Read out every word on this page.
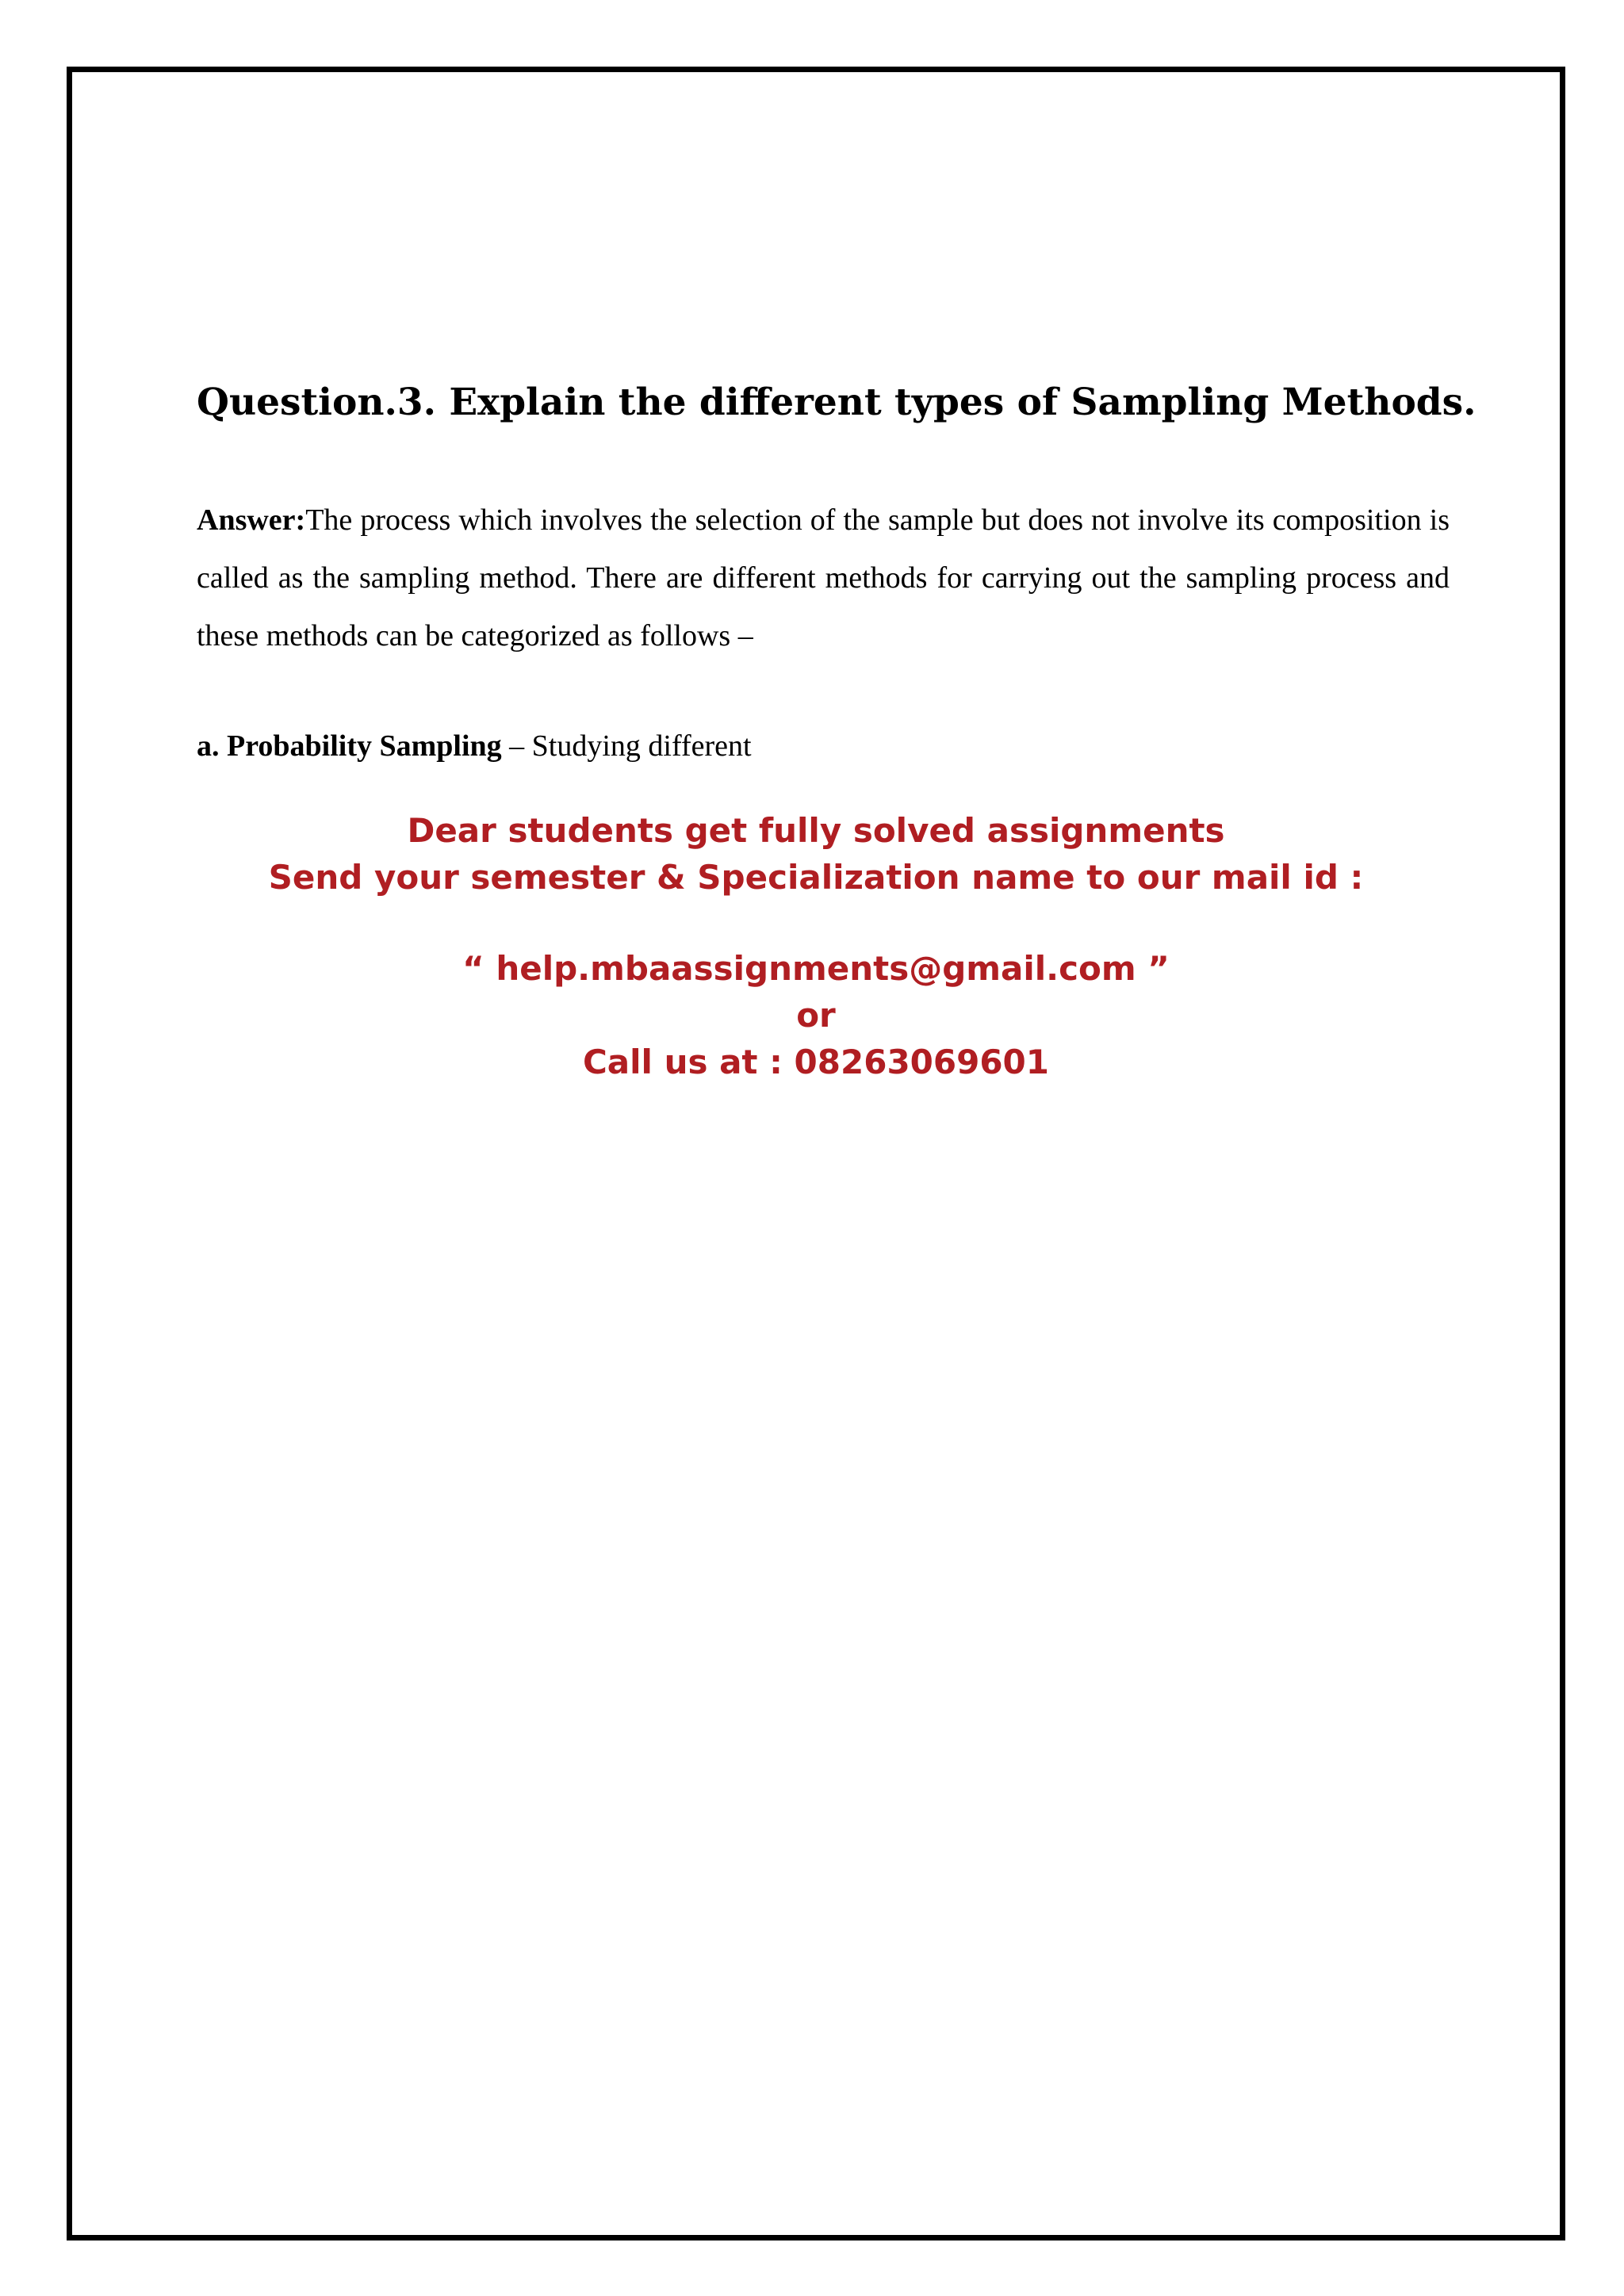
Question.3. Explain the different types of Sampling Methods.

Answer:The process which involves the selection of the sample but does not involve its composition is called as the sampling method. There are different methods for carrying out the sampling process and these methods can be categorized as follows –

a. Probability Sampling – Studying different

Dear students get fully solved assignments
Send your semester & Specialization name to our mail id :
“ help.mbaassignments@gmail.com ”
or
Call us at : 08263069601
